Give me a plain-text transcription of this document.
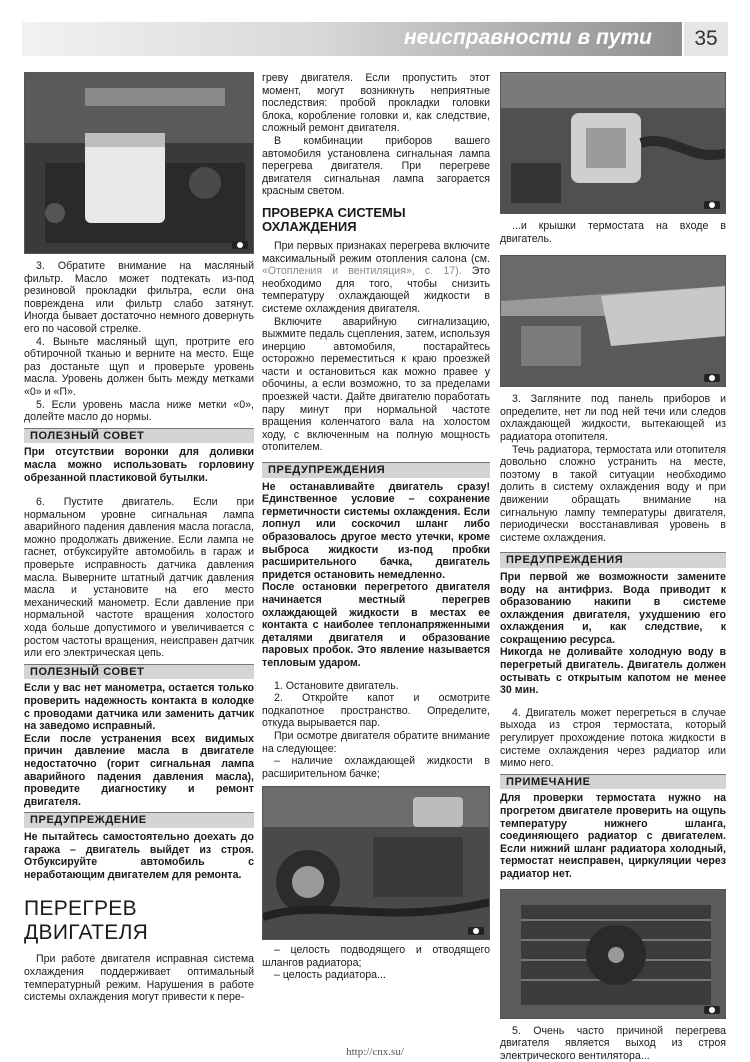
неисправности в пути	35

3. Обратите внимание на масляный фильтр. Масло может подтекать из-под резиновой прокладки фильтра, если она повреждена или фильтр слабо затянут. Иногда бывает достаточно немного довернуть его по часовой стрелке.

4. Выньте масляный щуп, протрите его обтирочной тканью и верните на место. Еще раз достаньте щуп и проверьте уровень масла. Уровень должен быть между метками «0» и «П».

5. Если уровень масла ниже метки «0», долейте масло до нормы.

ПОЛЕЗНЫЙ СОВЕТ

При отсутствии воронки для доливки масла можно использовать горловину обрезанной пластиковой бутылки.

6. Пустите двигатель. Если при нормальном уровне сигнальная лампа аварийного падения давления масла погасла, можно продолжать движение. Если лампа не гаснет, отбуксируйте автомобиль в гараж и проверьте исправность датчика давления масла. Выверните штатный датчик давления масла и установите на его место механический манометр. Если давление при нормальной частоте вращения холостого хода больше допустимого и увеличивается с ростом частоты вращения, неисправен датчик или его электрическая цепь.

ПОЛЕЗНЫЙ СОВЕТ

Если у вас нет манометра, остается только проверить надежность контакта в колодке с проводами датчика или заменить датчик на заведомо исправный.

Если после устранения всех видимых причин давление масла в двигателе недостаточно (горит сигнальная лампа аварийного падения давления масла), проведите диагностику и ремонт двигателя.

ПРЕДУПРЕЖДЕНИЕ

Не пытайтесь самостоятельно доехать до гаража – двигатель выйдет из строя. Отбуксируйте автомобиль с неработающим двигателем для ремонта.

ПЕРЕГРЕВ ДВИГАТЕЛЯ

При работе двигателя исправная система охлаждения поддерживает оптимальный температурный режим. Нарушения в работе системы охлаждения могут привести к пере-

греву двигателя. Если пропустить этот момент, могут возникнуть неприятные последствия: пробой прокладки головки блока, коробление головки и, как следствие, сложный ремонт двигателя.

В комбинации приборов вашего автомобиля установлена сигнальная лампа перегрева двигателя. При перегреве двигателя сигнальная лампа загорается красным светом.

ПРОВЕРКА СИСТЕМЫ ОХЛАЖДЕНИЯ

При первых признаках перегрева включите максимальный режим отопления салона (см. «Отопления и вентиляция», с. 17). Это необходимо для того, чтобы снизить температуру охлаждающей жидкости в системе охлаждения двигателя.

Включите аварийную сигнализацию, выжмите педаль сцепления, затем, используя инерцию автомобиля, постарайтесь осторожно переместиться к краю проезжей части и остановиться как можно правее у обочины, а если возможно, то за пределами проезжей части. Дайте двигателю поработать пару минут при нормальной частоте вращения коленчатого вала на холостом ходу, с включенным на полную мощность отопителем.

ПРЕДУПРЕЖДЕНИЯ

Не останавливайте двигатель сразу! Единственное условие – сохранение герметичности системы охлаждения. Если лопнул или соскочил шланг либо образовалось другое место утечки, кроме выброса жидкости из-под пробки расширительного бачка, двигатель придется остановить немедленно.

После остановки перегретого двигателя начинается местный перегрев охлаждающей жидкости в местах ее контакта с наиболее теплонапряженными деталями двигателя и образование паровых пробок. Это явление называется тепловым ударом.

1. Остановите двигатель.

2. Откройте капот и осмотрите подкапотное пространство. Определите, откуда вырывается пар.

При осмотре двигателя обратите внимание на следующее:

– наличие охлаждающей жидкости в расширительном бачке;

– целость подводящего и отводящего шлангов радиатора;

– целость радиатора...

...и крышки термостата на входе в двигатель.

3. Загляните под панель приборов и определите, нет ли под ней течи или следов охлаждающей жидкости, вытекающей из радиатора отопителя.

Течь радиатора, термостата или отопителя довольно сложно устранить на месте, поэтому в такой ситуации необходимо долить в систему охлаждения воду и при движении обращать внимание на сигнальную лампу температуры двигателя, периодически восстанавливая уровень в системе охлаждения.

ПРЕДУПРЕЖДЕНИЯ

При первой же возможности замените воду на антифриз. Вода приводит к образованию накипи в системе охлаждения двигателя, ухудшению его охлаждения и, как следствие, к сокращению ресурса.

Никогда не доливайте холодную воду в перегретый двигатель. Двигатель должен остывать с открытым капотом не менее 30 мин.

4. Двигатель может перегреться в случае выхода из строя термостата, который регулирует прохождение потока жидкости в системе охлаждения через радиатор или мимо него.

ПРИМЕЧАНИЕ

Для проверки термостата нужно на прогретом двигателе проверить на ощупь температуру нижнего шланга, соединяющего радиатор с двигателем. Если нижний шланг радиатора холодный, термостат неисправен, циркуляции через радиатор нет.

5. Очень часто причиной перегрева двигателя является выход из строя электрического вентилятора...

http://cnx.su/
